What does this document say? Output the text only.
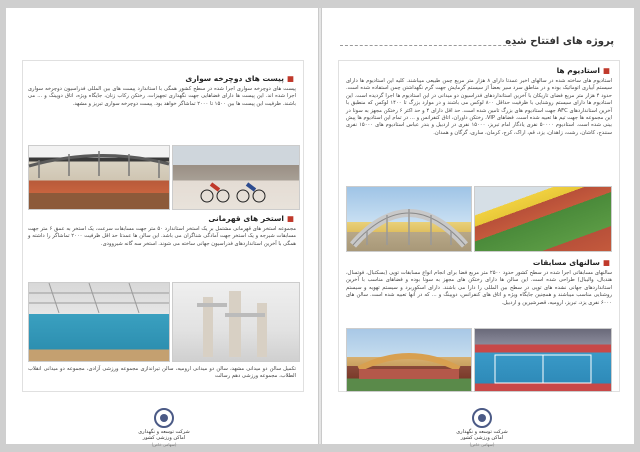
■پیست های دوچرخه سواری
پیست های دوچرخه سواری اجرا شده در سطح کشور همگی با استاندارد پیست های بین المللی فدراسیون دوچرخه سواری اجرا شده اند. این پیست ها دارای فضاهایی جهت نگهداری تجهیزات، رختکن رکاب زنان، جایگاه ویژه، اتاق دوپینگ و ... می باشند. ظرفیت این پیست ها بین ۱۵۰۰ تا ۲۰۰۰ تماشاگر خواهد بود. پیست دوچرخه سواری تبریز و مشهد.
■استخر های قهرمانی
مجموعه استخر های قهرمانی مشتمل بر یک استخر استاندارد ۵۰ متر جهت مسابقات سرعت، یک استخر به عمق ۶ متر جهت مسابقات شیرجه و یک استخر جهت آمادگی شناگران می باشد. این سالن ها عمدتا حد اقل ظرفیت ۲۰۰۰ تماشاگر را داشته و همگی با آخرین استانداردهای فدراسیون جهانی ساخته می شوند. استخر سه گانه شیروودی.
تکمیل سالن دو میدانی مشهد، سالن دو میدانی ارومیه، سالن تیراندازی مجموعه ورزشی آزادی، مجموعه دو میدانی انقلاب الطلاب، مجموعه ورزشی دهم رسالت
شرکت توسعه و نگهداری
اماکن ورزشی کشور
(سهامی خاص)
پروژه های افتتاح شده
■استادیوم ها
استادیوم های ساخته شده در سالهای اخیر عمدتا دارای ۸ هزار متر مربع چمن طبیعی میباشند. کلیه این استادیوم ها دارای سیستم آبیاری اتوماتیک بوده و در مناطق سرد سیر بعضاً از سیستم گرمایش جهت گرم نگهداشتن چمن استفاده شده است. حدود ۴ هزار متر مربع فضای تاریکان با آخرین استانداردهای فدراسیون دو میدانی در این استادیوم ها اجرا گردیده است. این استادیوم ها دارای سیستم روشنایی با ظرفیت حداقل ۸۰۰ لوکس می باشند و در موارد بزرگ تا ۱۴۰۰ لوکس که منطبق با آخرین استانداردهای AFC جهت استادیوم های بزرگ تامین شده است. حد اقل دارای ۴ و حد اکثر ۶ رختکن مجهز به سونا در این مجموعه ها جهت تیم ها تعبیه شده است. فضاهای VIP، رختکن داوران، اتاق کنفرانس و ... در تمام این استادیوم ها پیش بینی شده است. استادیوم ۵۰۰۰۰ نفری یادگار امام تبریز، ۱۵۰۰۰ نفری در اردبیل و بندر عباس استادیوم های ۱۵۰۰۰ نفری سنندج، کاشان، رشت، زاهدان، یزد، قم، اراک، کرج، کرمان، ساری، گرگان و همدان.
■سالنهای مسابقات
سالنهای مسابقاتی اجرا شده در سطح کشور حدود ۲۵۰۰ متر مربع فضا برای انجام انواع مسابقات توپی (بسکتبال، فوتسال، هندبال، والیبال) طراحی شده است. این سالن ها دارای رختکن های مجهز به سونا بوده و فضاهای مناسب با آخرین استانداردهای جهانی نشده های توپی در سطح بین المللی را دارا می باشند. دارای اسکوربرد و سیستم تهویه و سیستم روشنایی مناسب میباشند و همچنین جایگاه ویژه و اتاق های کنفرانس، دوپینگ و ... که در آنها تعبیه شده است. سالن های ۶۰۰۰ نفری یزد، تبریز، ارومیه، قصرشیرین و اردبیل.
شرکت توسعه و نگهداری
اماکن ورزشی کشور
(سهامی خاص)
